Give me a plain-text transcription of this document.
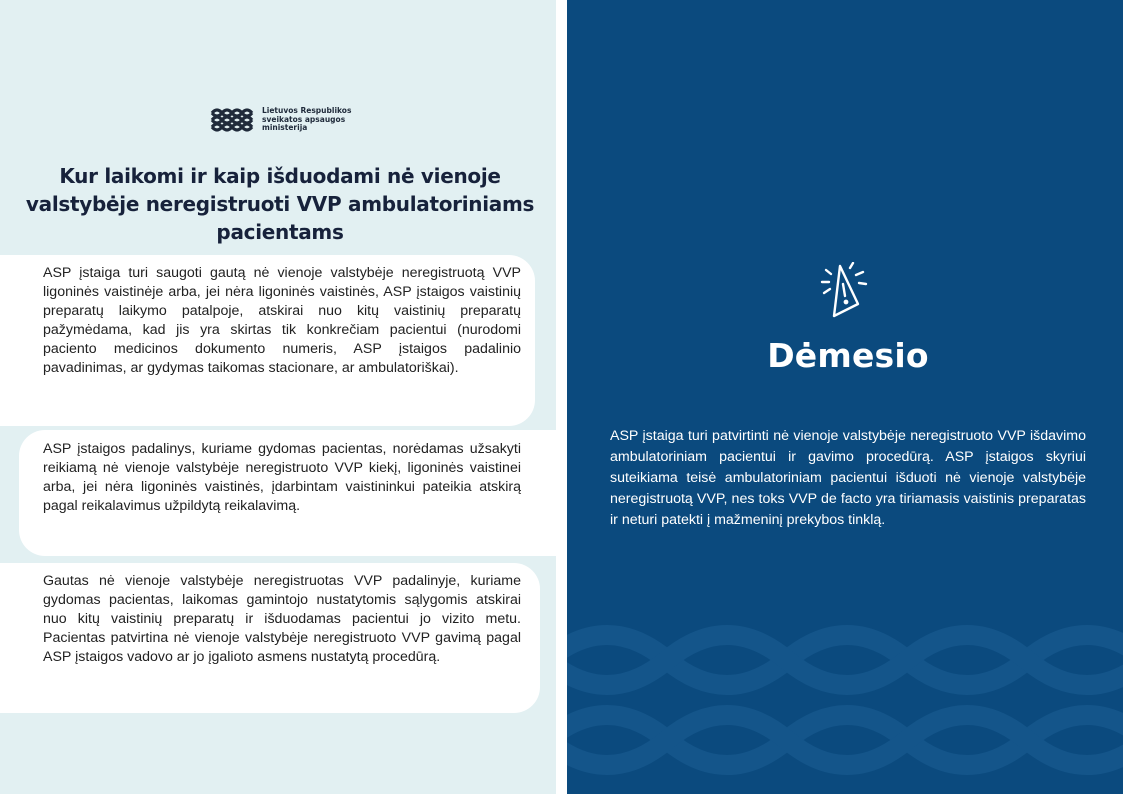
Lietuvos Respublikos
sveikatos apsaugos
ministerija
Kur laikomi ir kaip išduodami nė vienoje valstybėje neregistruoti VVP ambulatoriniams pacientams
ASP įstaiga turi saugoti gautą nė vienoje valstybėje neregistruotą VVP ligoninės vaistinėje arba, jei nėra ligoninės vaistinės, ASP įstaigos vaistinių preparatų laikymo patalpoje, atskirai nuo kitų vaistinių preparatų pažymėdama, kad jis yra skirtas tik konkrečiam pacientui (nurodomi paciento medicinos dokumento numeris, ASP įstaigos padalinio pavadinimas, ar gydymas taikomas stacionare, ar ambulatoriškai).
ASP įstaigos padalinys, kuriame gydomas pacientas, norėdamas užsakyti reikiamą nė vienoje valstybėje neregistruoto VVP kiekį, ligoninės vaistinei arba, jei nėra ligoninės vaistinės, įdarbintam vaistininkui pateikia atskirą pagal reikalavimus užpildytą reikalavimą.
Gautas nė vienoje valstybėje neregistruotas VVP padalinyje, kuriame gydomas pacientas, laikomas gamintojo nustatytomis sąlygomis atskirai nuo kitų vaistinių preparatų ir išduodamas pacientui jo vizito metu. Pacientas patvirtina nė vienoje valstybėje neregistruoto VVP gavimą pagal ASP įstaigos vadovo ar jo įgalioto asmens nustatytą procedūrą.
Dėmesio

ASP įstaiga turi patvirtinti nė vienoje valstybėje neregistruoto VVP išdavimo ambulatoriniam pacientui ir gavimo procedūrą. ASP įstaigos skyriui suteikiama teisė ambulatoriniam pacientui išduoti nė vienoje valstybėje neregistruotą VVP, nes toks VVP de facto yra tiriamasis vaistinis preparatas ir neturi patekti į mažmeninį prekybos tinklą.
